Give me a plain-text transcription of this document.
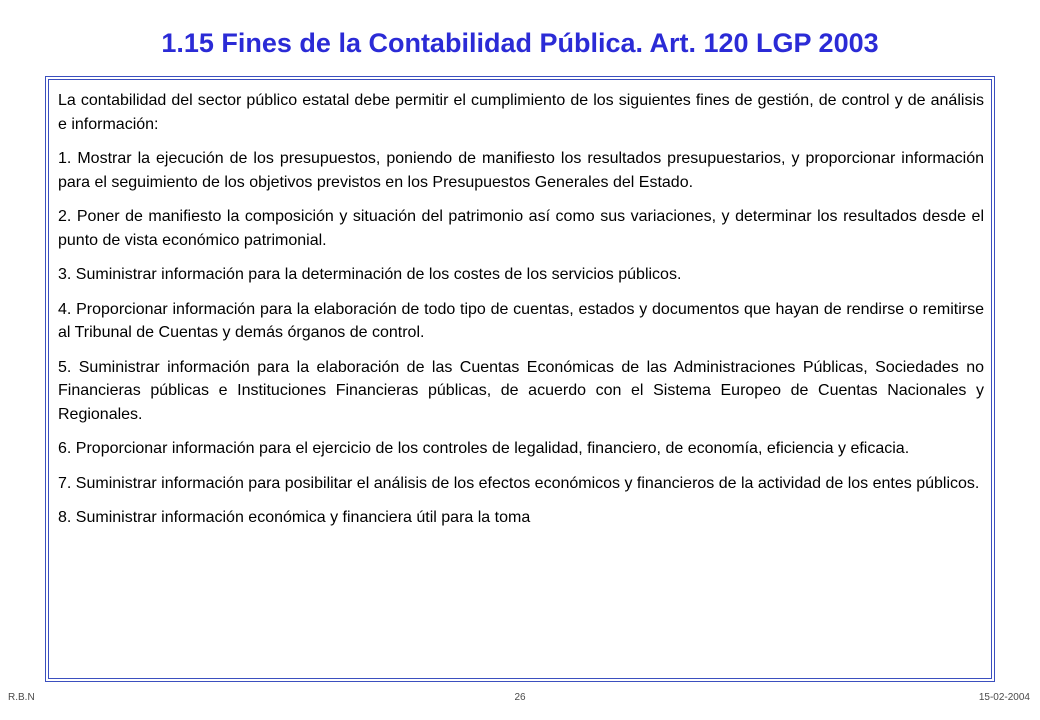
1.15 Fines de la Contabilidad Pública. Art. 120 LGP 2003

La contabilidad del sector público estatal debe permitir el cumplimiento de los siguientes fines de gestión, de control y de análisis e información:

1. Mostrar la ejecución de los presupuestos, poniendo de manifiesto los resultados presupuestarios, y proporcionar información para el seguimiento de los objetivos previstos en los Presupuestos Generales del Estado.

2. Poner de manifiesto la composición y situación del patrimonio así como sus variaciones, y determinar los resultados desde el punto de vista económico patrimonial.

3. Suministrar información para la determinación de los costes de los servicios públicos.

4. Proporcionar información para la elaboración de todo tipo de cuentas, estados y documentos que hayan de rendirse o remitirse al Tribunal de Cuentas y demás órganos de control.

5. Suministrar información para la elaboración de las Cuentas Económicas de las Administraciones Públicas, Sociedades no Financieras públicas e Instituciones Financieras públicas, de acuerdo con el Sistema Europeo de Cuentas Nacionales y Regionales.

6. Proporcionar información para el ejercicio de los controles de legalidad, financiero, de economía, eficiencia y eficacia.

7. Suministrar información para posibilitar el análisis de los efectos económicos y financieros de la actividad de los entes públicos.

8. Suministrar información económica y financiera útil para la toma

R.B.N	26	15-02-2004
